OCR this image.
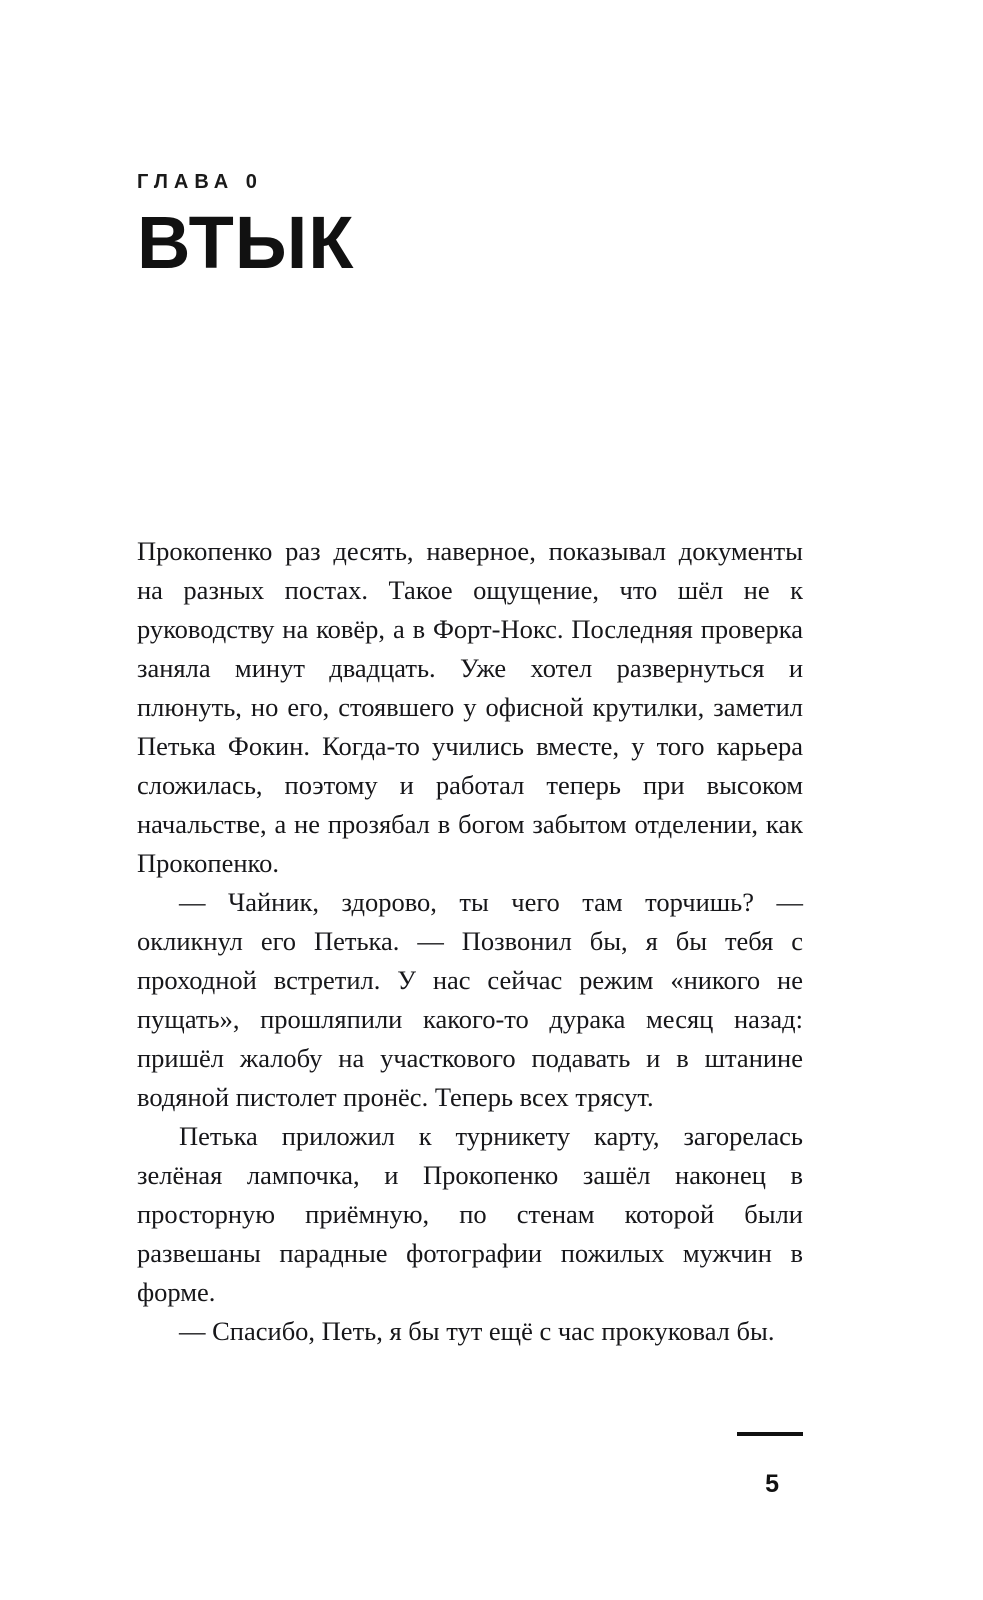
ГЛАВА 0
ВТЫК

Прокопенко раз десять, наверное, показывал документы на разных постах. Такое ощущение, что шёл не к руководству на ковёр, а в Форт-Нокс. Последняя проверка заняла минут двадцать. Уже хотел развернуться и плюнуть, но его, стоявшего у офисной крутилки, заметил Петька Фокин. Когда-то учились вместе, у того карьера сложилась, поэтому и работал теперь при высоком начальстве, а не прозябал в богом забытом отделении, как Прокопенко.

— Чайник, здорово, ты чего там торчишь? — окликнул его Петька. — Позвонил бы, я бы тебя с проходной встретил. У нас сейчас режим «никого не пущать», прошляпили какого-то дурака месяц назад: пришёл жалобу на участкового подавать и в штанине водяной пистолет пронёс. Теперь всех трясут.

Петька приложил к турникету карту, загорелась зелёная лампочка, и Прокопенко зашёл наконец в просторную приёмную, по стенам которой были развешаны парадные фотографии пожилых мужчин в форме.

— Спасибо, Петь, я бы тут ещё с час прокуковал бы.

5
